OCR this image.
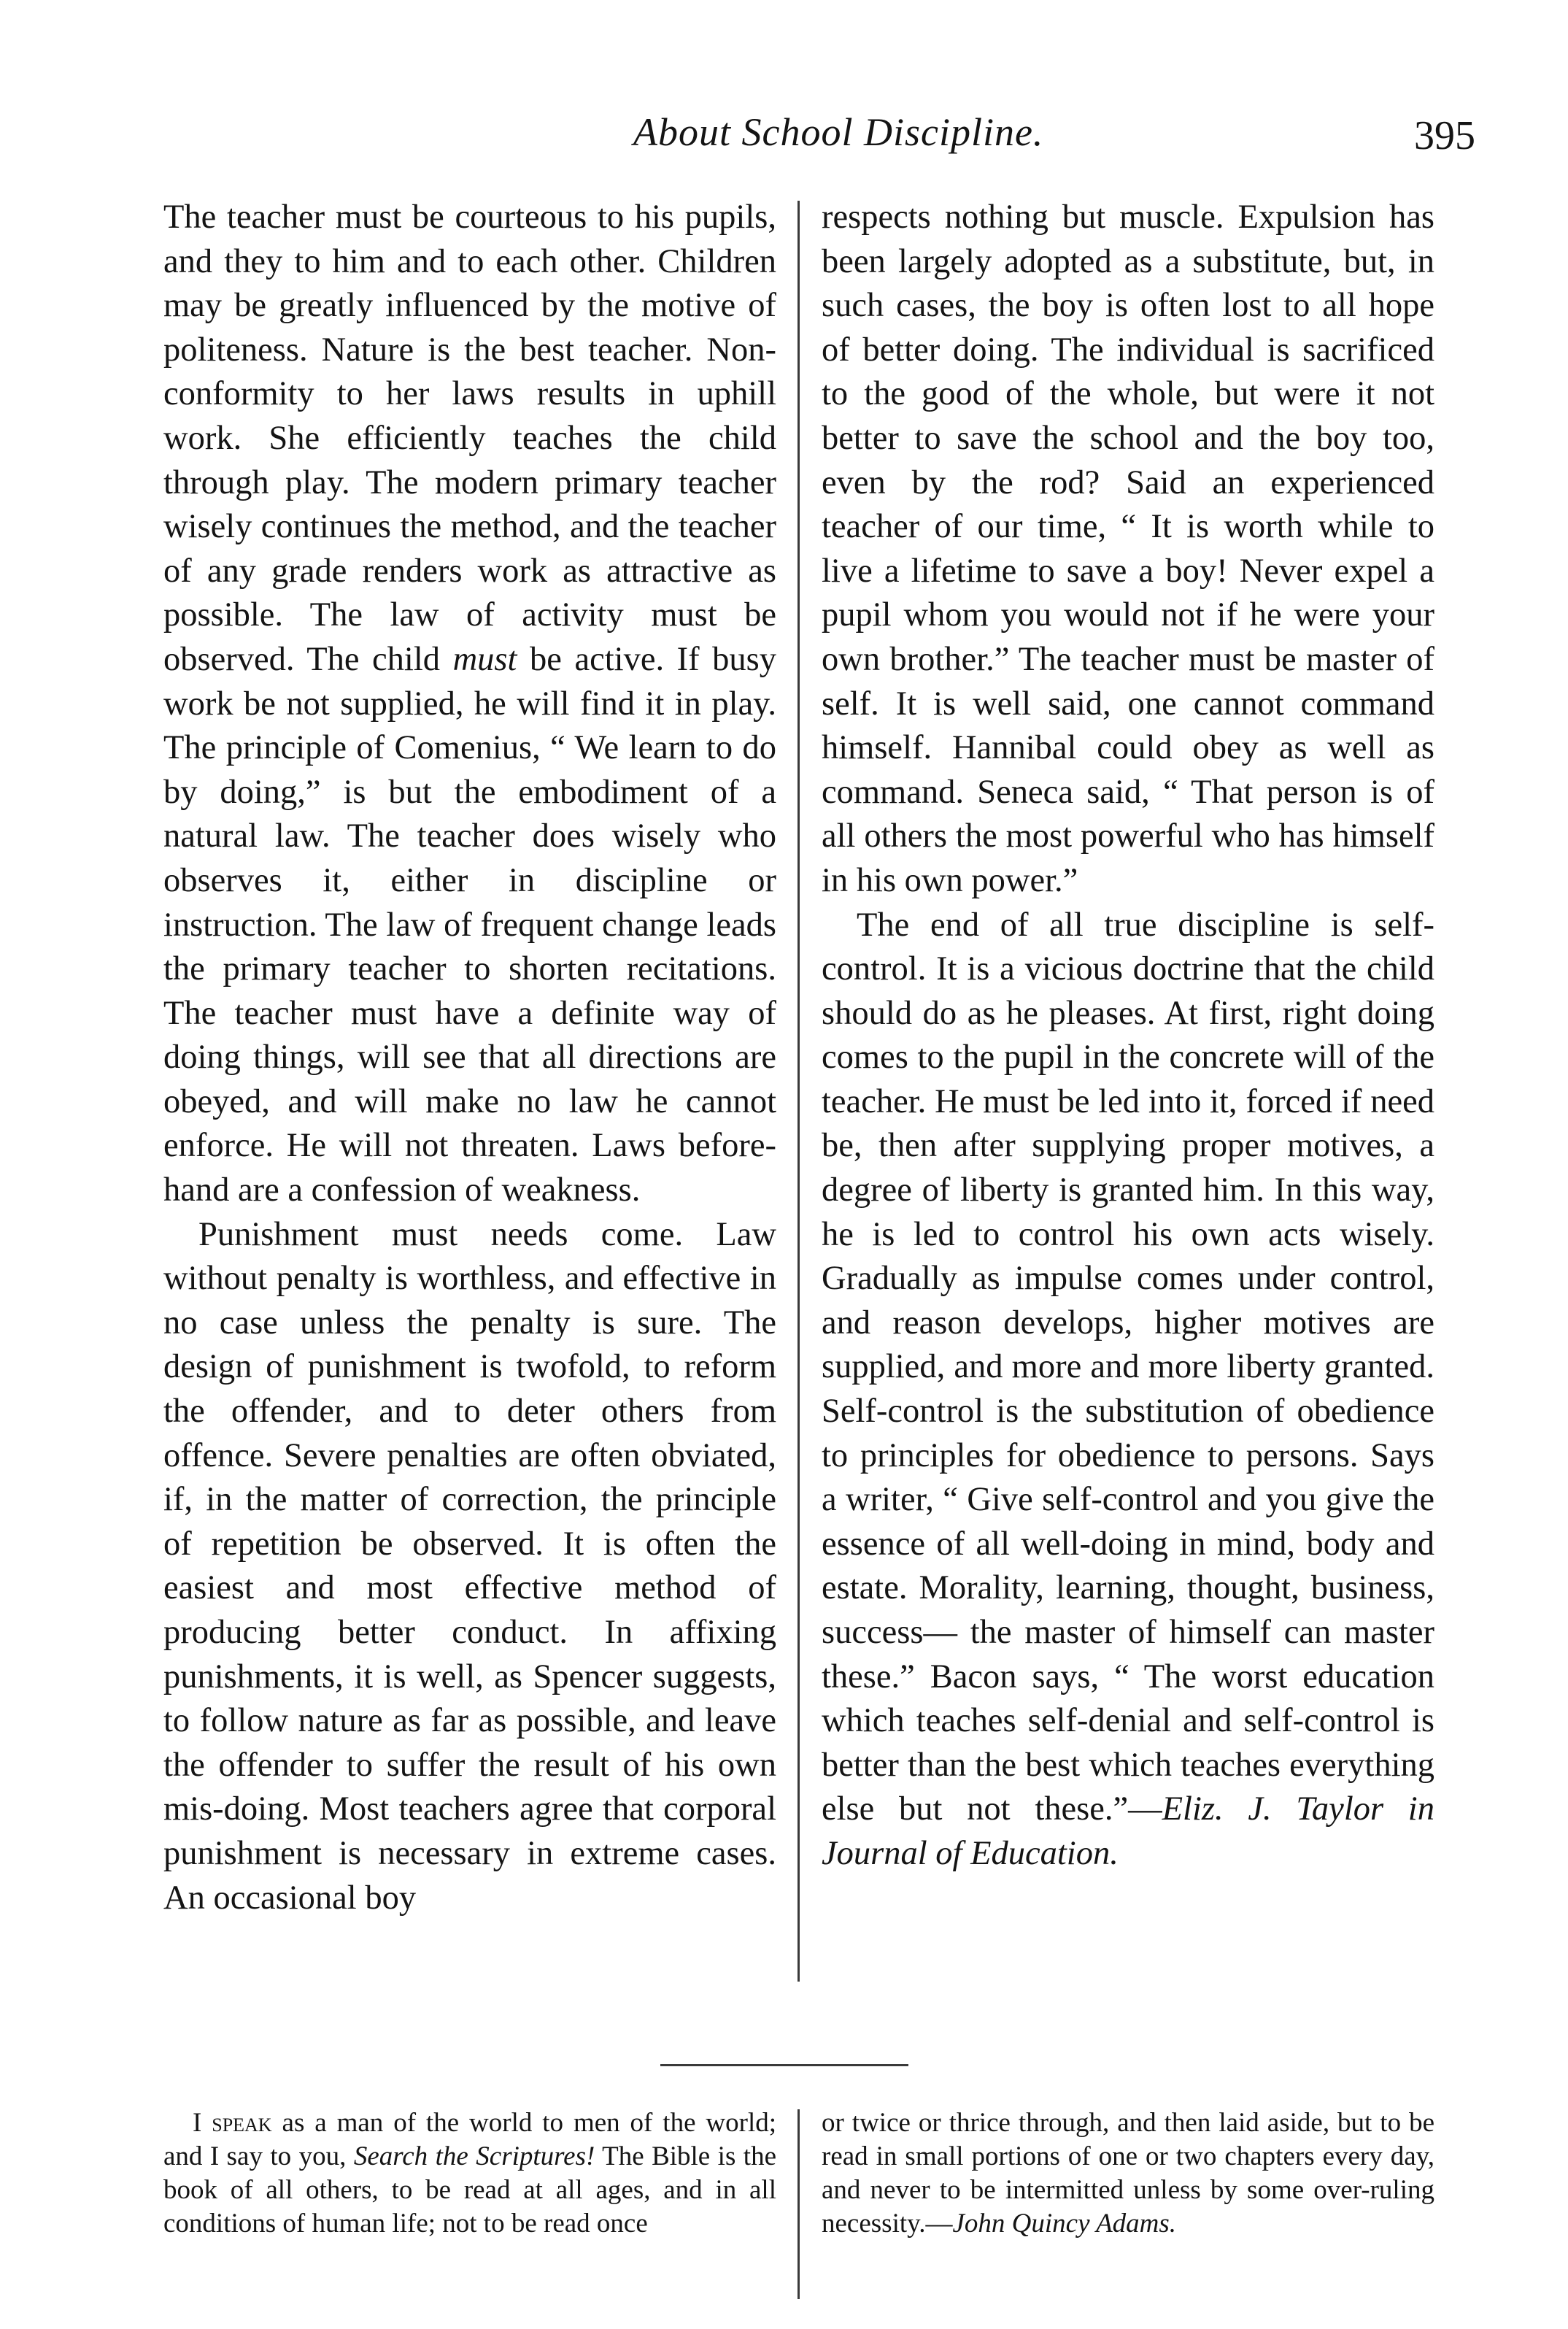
About School Discipline.	395

The teacher must be courteous to his pupils, and they to him and to each other. Children may be greatly influenced by the motive of politeness. Nature is the best teacher. Nonconformity to her laws results in uphill work. She efficiently teaches the child through play. The modern primary teacher wisely continues the method, and the teacher of any grade renders work as attractive as possible. The law of activity must be observed. The child must be active. If busy work be not supplied, he will find it in play. The principle of Comenius, “ We learn to do by doing,” is but the embodiment of a natural law. The teacher does wisely who observes it, either in discipline or instruction. The law of frequent change leads the primary teacher to shorten recitations. The teacher must have a definite way of doing things, will see that all directions are obeyed, and will make no law he cannot enforce. He will not threaten. Laws beforehand are a confession of weakness.

Punishment must needs come. Law without penalty is worthless, and effective in no case unless the penalty is sure. The design of punishment is twofold, to reform the offender, and to deter others from offence. Severe penalties are often obviated, if, in the matter of correction, the principle of repetition be observed. It is often the easiest and most effective method of producing better conduct. In affixing punishments, it is well, as Spencer suggests, to follow nature as far as possible, and leave the offender to suffer the result of his own mis-doing. Most teachers agree that corporal punishment is necessary in extreme cases. An occasional boy

respects nothing but muscle. Expulsion has been largely adopted as a substitute, but, in such cases, the boy is often lost to all hope of better doing. The individual is sacrificed to the good of the whole, but were it not better to save the school and the boy too, even by the rod? Said an experienced teacher of our time, “ It is worth while to live a lifetime to save a boy! Never expel a pupil whom you would not if he were your own brother.” The teacher must be master of self. It is well said, one cannot command himself. Hannibal could obey as well as command. Seneca said, “ That person is of all others the most powerful who has himself in his own power.”

The end of all true discipline is self-control. It is a vicious doctrine that the child should do as he pleases. At first, right doing comes to the pupil in the concrete will of the teacher. He must be led into it, forced if need be, then after supplying proper motives, a degree of liberty is granted him. In this way, he is led to control his own acts wisely. Gradually as impulse comes under control, and reason develops, higher motives are supplied, and more and more liberty granted. Self-control is the substitution of obedience to principles for obedience to persons. Says a writer, “ Give self-control and you give the essence of all well-doing in mind, body and estate. Morality, learning, thought, business, success— the master of himself can master these.” Bacon says, “ The worst education which teaches self-denial and self-control is better than the best which teaches everything else but not these.”—Eliz. J. Taylor in Journal of Education.

I speak as a man of the world to men of the world; and I say to you, Search the Scriptures! The Bible is the book of all others, to be read at all ages, and in all conditions of human life; not to be read once

or twice or thrice through, and then laid aside, but to be read in small portions of one or two chapters every day, and never to be intermitted unless by some over-ruling necessity.—John Quincy Adams.
